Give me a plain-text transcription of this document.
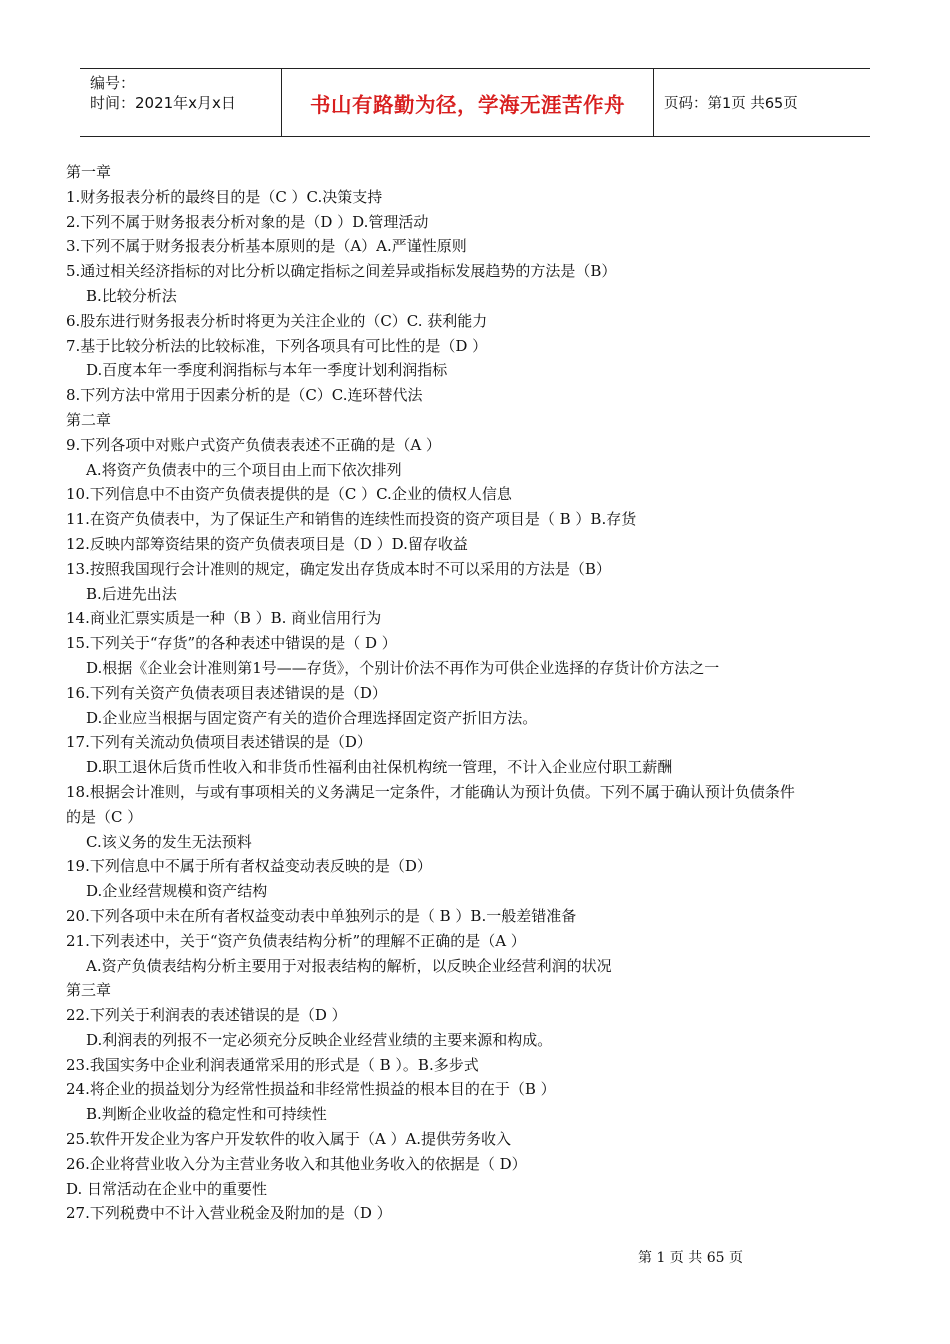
编号：
时间：2021年x月x日	书山有路勤为径，学海无涯苦作舟	页码：第1页 共65页
第一章
1.财务报表分析的最终目的是（C ）C.决策支持
2.下列不属于财务报表分析对象的是（D ）D.管理活动
3.下列不属于财务报表分析基本原则的是（A）A.严谨性原则
5.通过相关经济指标的对比分析以确定指标之间差异或指标发展趋势的方法是（B）
B.比较分析法
6.股东进行财务报表分析时将更为关注企业的（C）C. 获利能力
7.基于比较分析法的比较标准，下列各项具有可比性的是（D ）
D.百度本年一季度利润指标与本年一季度计划利润指标
8.下列方法中常用于因素分析的是（C）C.连环替代法
第二章
9.下列各项中对账户式资产负债表表述不正确的是（A ）
A.将资产负债表中的三个项目由上而下依次排列
10.下列信息中不由资产负债表提供的是（C ）C.企业的债权人信息
11.在资产负债表中，为了保证生产和销售的连续性而投资的资产项目是（ B ）B.存货
12.反映内部筹资结果的资产负债表项目是（D ）D.留存收益
13.按照我国现行会计准则的规定，确定发出存货成本时不可以采用的方法是（B）
B.后进先出法
14.商业汇票实质是一种（B ）B. 商业信用行为
15.下列关于“存货”的各种表述中错误的是（ D ）
D.根据《企业会计准则第1号——存货》，个别计价法不再作为可供企业选择的存货计价方法之一
16.下列有关资产负债表项目表述错误的是（D）
D.企业应当根据与固定资产有关的造价合理选择固定资产折旧方法。
17.下列有关流动负债项目表述错误的是（D）
D.职工退休后货币性收入和非货币性福利由社保机构统一管理，不计入企业应付职工薪酬
18.根据会计准则，与或有事项相关的义务满足一定条件，才能确认为预计负债。下列不属于确认预计负债条件
的是（C ）
C.该义务的发生无法预料
19.下列信息中不属于所有者权益变动表反映的是（D）
D.企业经营规模和资产结构
20.下列各项中未在所有者权益变动表中单独列示的是（ B ）B.一般差错准备
21.下列表述中，关于“资产负债表结构分析”的理解不正确的是（A ）
A.资产负债表结构分析主要用于对报表结构的解析，以反映企业经营利润的状况
第三章
22.下列关于利润表的表述错误的是（D ）
D.利润表的列报不一定必须充分反映企业经营业绩的主要来源和构成。
23.我国实务中企业利润表通常采用的形式是（ B ）。B.多步式
24.将企业的损益划分为经常性损益和非经常性损益的根本目的在于（B ）
B.判断企业收益的稳定性和可持续性
25.软件开发企业为客户开发软件的收入属于（A ）A.提供劳务收入
26.企业将营业收入分为主营业务收入和其他业务收入的依据是（ D）
D. 日常活动在企业中的重要性
27.下列税费中不计入营业税金及附加的是（D ）
第 1 页 共 65 页
